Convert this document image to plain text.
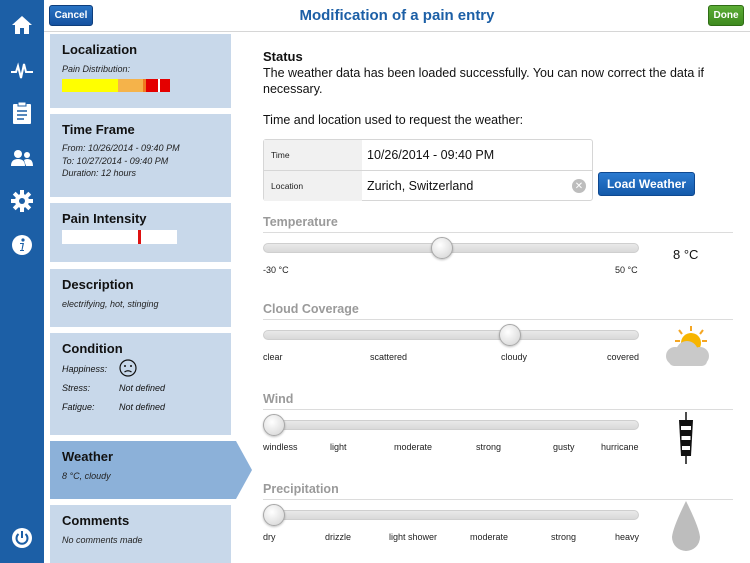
Cancel	Modification of a pain entry	Done
Localization
Pain Distribution:
Time Frame
From: 10/26/2014 - 09:40 PM
To: 10/27/2014 - 09:40 PM
Duration: 12 hours
Pain Intensity
Description
electrifying, hot, stinging
Condition
Happiness:
Stress:	Not defined
Fatigue:	Not defined
Weather
8 °C, cloudy
Comments
No comments made
Status
The weather data has been loaded successfully. You can now correct the data if necessary.
Time and location used to request the weather:
Time	10/26/2014 - 09:40 PM
Location	Zurich, Switzerland	✕	Load Weather
Temperature
-30 °C	50 °C
8 °C
Cloud Coverage
Wind
Precipitation
clear	scattered	cloudy	covered
windless	light	moderate	strong	gusty	hurricane
dry	drizzle	light shower	moderate	strong	heavy
